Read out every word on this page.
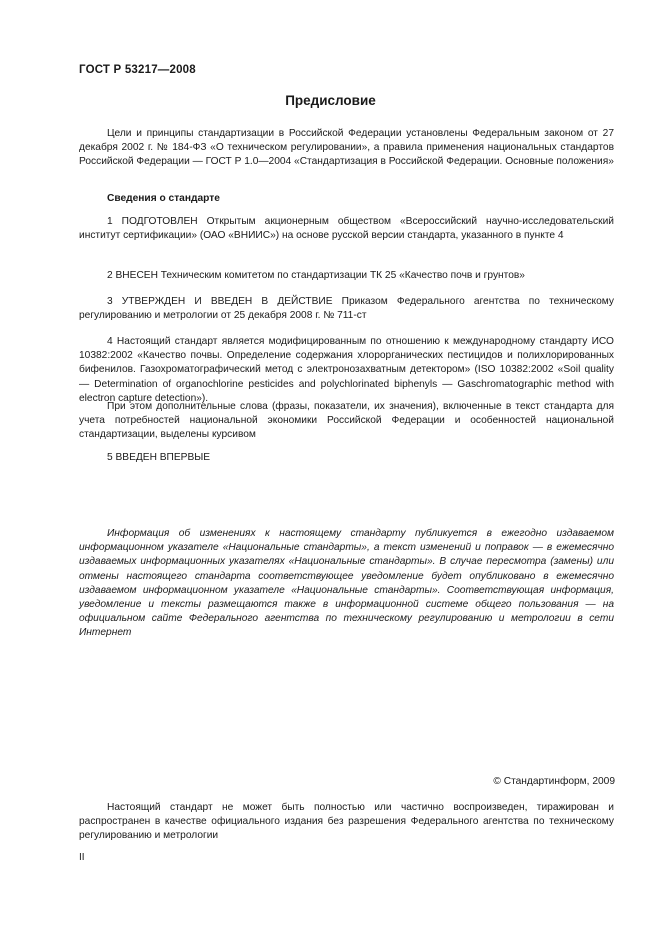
ГОСТ Р 53217—2008
Предисловие
Цели и принципы стандартизации в Российской Федерации установлены Федеральным законом от 27 декабря 2002 г. № 184-ФЗ «О техническом регулировании», а правила применения национальных стандартов Российской Федерации — ГОСТ Р 1.0—2004 «Стандартизация в Российской Федерации. Основные положения»
Сведения о стандарте
1 ПОДГОТОВЛЕН Открытым акционерным обществом «Всероссийский научно-исследовательский институт сертификации» (ОАО «ВНИИС») на основе русской версии стандарта, указанного в пункте 4
2 ВНЕСЕН Техническим комитетом по стандартизации ТК 25 «Качество почв и грунтов»
3 УТВЕРЖДЕН И ВВЕДЕН В ДЕЙСТВИЕ Приказом Федерального агентства по техническому регулированию и метрологии от 25 декабря 2008 г. № 711-ст
4 Настоящий стандарт является модифицированным по отношению к международному стандарту ИСО 10382:2002 «Качество почвы. Определение содержания хлорорганических пестицидов и полихлорированных бифенилов. Газохроматографический метод с электронозахватным детектором» (ISO 10382:2002 «Soil quality — Determination of organochlorine pesticides and polychlorinated biphenyls — Gaschromatographic method with electron capture detection»).
При этом дополнительные слова (фразы, показатели, их значения), включенные в текст стандарта для учета потребностей национальной экономики Российской Федерации и особенностей национальной стандартизации, выделены курсивом
5 ВВЕДЕН ВПЕРВЫЕ
Информация об изменениях к настоящему стандарту публикуется в ежегодно издаваемом информационном указателе «Национальные стандарты», а текст изменений и поправок — в ежемесячно издаваемых информационных указателях «Национальные стандарты». В случае пересмотра (замены) или отмены настоящего стандарта соответствующее уведомление будет опубликовано в ежемесячно издаваемом информационном указателе «Национальные стандарты». Соответствующая информация, уведомление и тексты размещаются также в информационной системе общего пользования — на официальном сайте Федерального агентства по техническому регулированию и метрологии в сети Интернет
© Стандартинформ, 2009
Настоящий стандарт не может быть полностью или частично воспроизведен, тиражирован и распространен в качестве официального издания без разрешения Федерального агентства по техническому регулированию и метрологии
II
